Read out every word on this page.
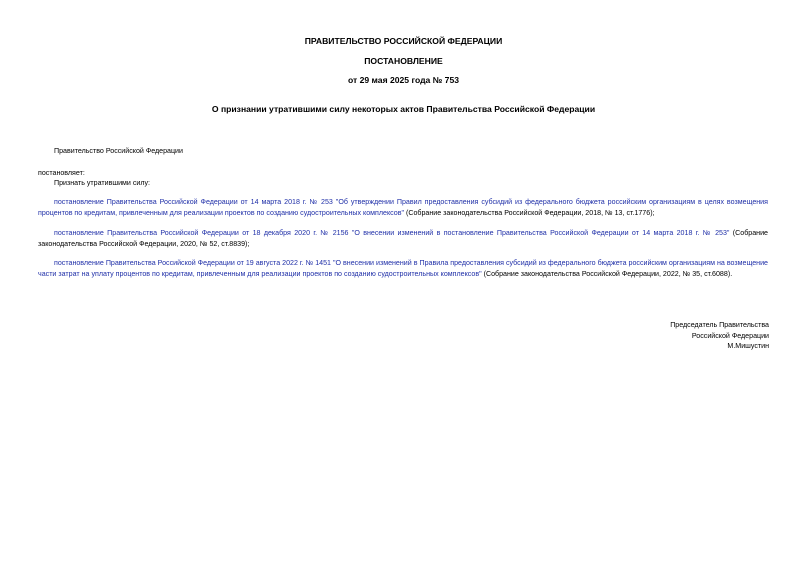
ПРАВИТЕЛЬСТВО РОССИЙСКОЙ ФЕДЕРАЦИИ
ПОСТАНОВЛЕНИЕ
от 29 мая 2025 года № 753
О признании утратившими силу некоторых актов Правительства Российской Федерации
Правительство Российской Федерации
постановляет:
Признать утратившими силу:
постановление Правительства Российской Федерации от 14 марта 2018 г. № 253 "Об утверждении Правил предоставления субсидий из федерального бюджета российским организациям в целях возмещения процентов по кредитам, привлеченным для реализации проектов по созданию судостроительных комплексов" (Собрание законодательства Российской Федерации, 2018, № 13, ст.1776);
постановление Правительства Российской Федерации от 18 декабря 2020 г. № 2156 "О внесении изменений в постановление Правительства Российской Федерации от 14 марта 2018 г. № 253" (Собрание законодательства Российской Федерации, 2020, № 52, ст.8839);
постановление Правительства Российской Федерации от 19 августа 2022 г. № 1451 "О внесении изменений в Правила предоставления субсидий из федерального бюджета российским организациям на возмещение части затрат на уплату процентов по кредитам, привлеченным для реализации проектов по созданию судостроительных комплексов" (Собрание законодательства Российской Федерации, 2022, № 35, ст.6088).
Председатель Правительства
Российской Федерации
М.Мишустин
